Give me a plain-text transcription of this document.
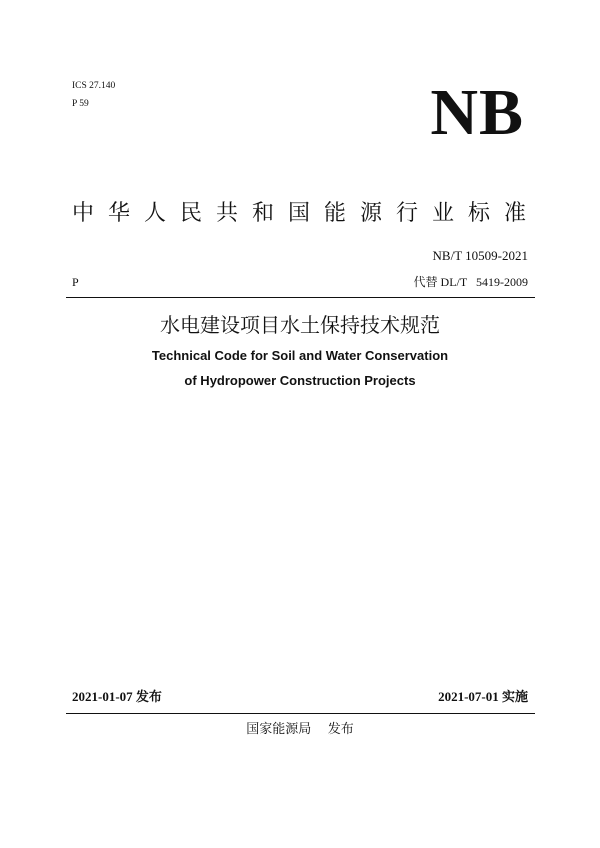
ICS 27.140
P 59	NB
中华人民共和国能源行业标准
NB/T 10509-2021
P	代替 DL/T   5419-2009
水电建设项目水土保持技术规范
Technical Code for Soil and Water Conservation
of Hydropower Construction Projects
2021-01-07 发布	2021-07-01 实施
国家能源局    发布
